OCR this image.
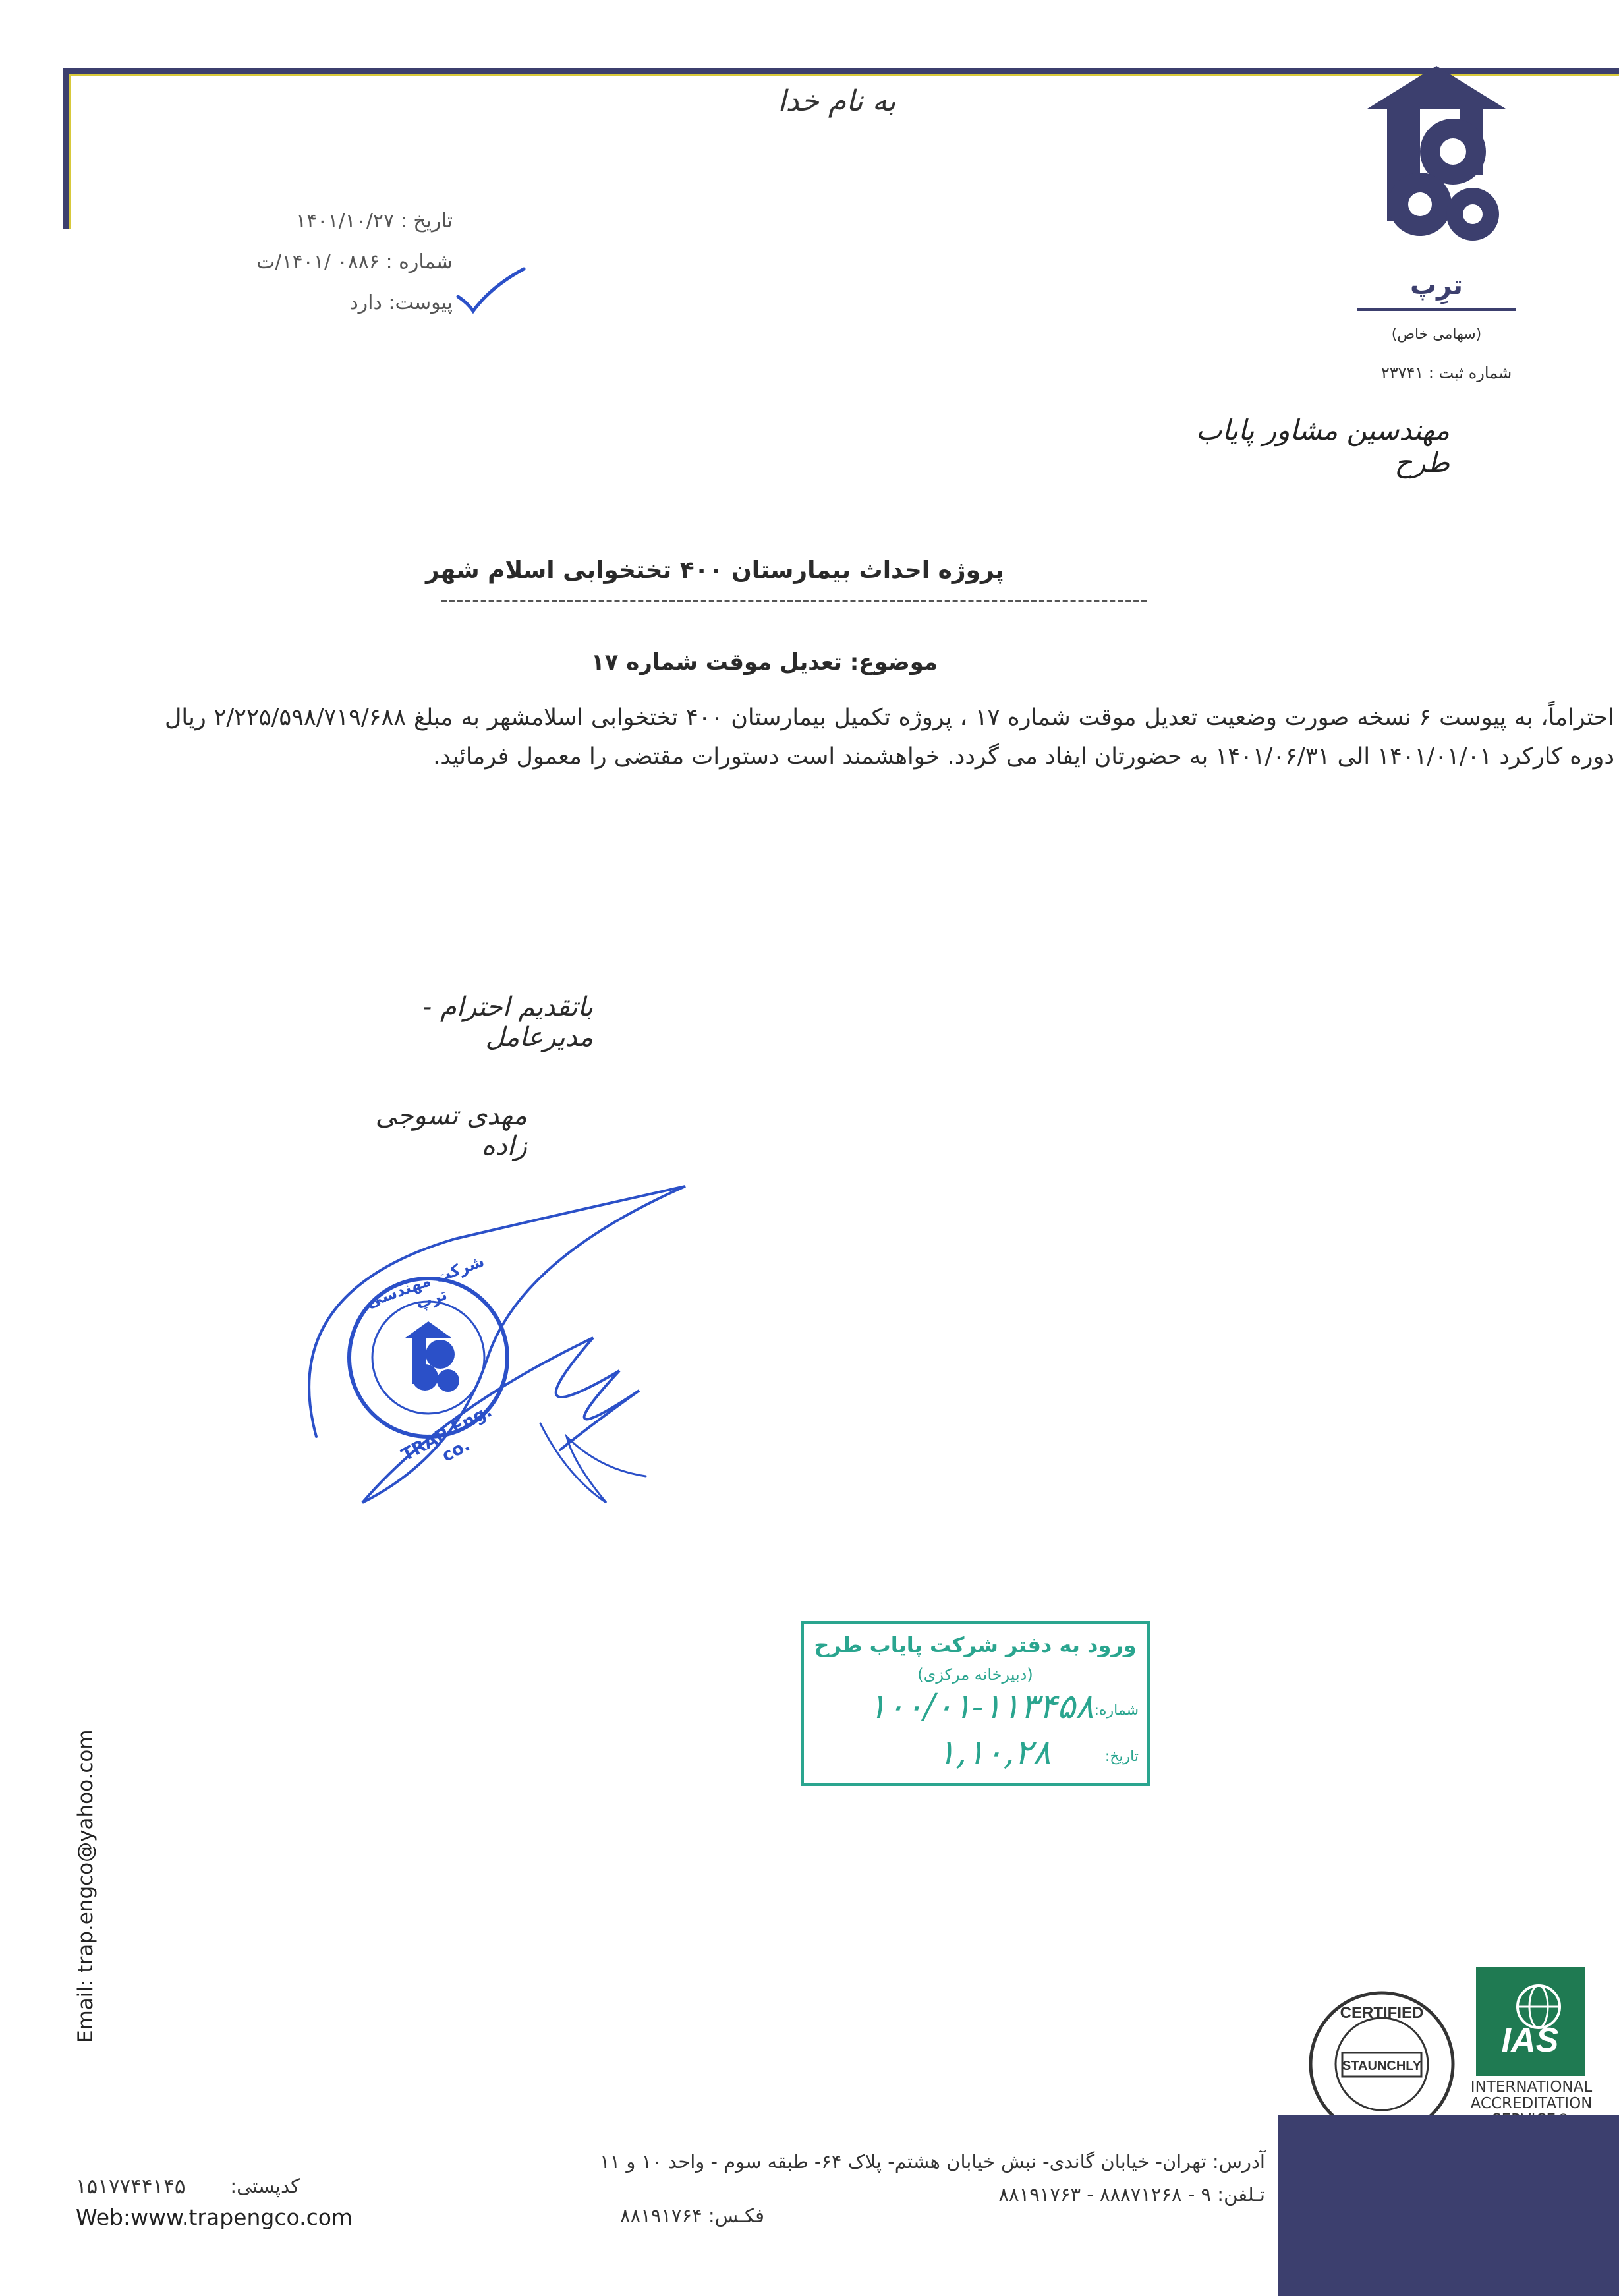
به نام خدا
تاریخ : ۱۴۰۱/۱۰/۲۷
شماره : ۰۸۸۶ /۱۴۰۱/ت
پیوست: دارد
ترِپ
(سهامی خاص)
شماره ثبت : ۲۳۷۴۱
مهندسین مشاور پایاب طرح
پروژه احداث بیمارستان ۴۰۰ تختخوابی اسلام شهر
موضوع: تعدیل موقت شماره ۱۷
احتراماً، به پیوست ۶ نسخه صورت وضعیت تعدیل موقت شماره ۱۷ ، پروژه تکمیل بیمارستان ۴۰۰ تختخوابی اسلامشهر به مبلغ ۲/۲۲۵/۵۹۸/۷۱۹/۶۸۸ ریال دوره کارکرد ۱۴۰۱/۰۱/۰۱ الی ۱۴۰۱/۰۶/۳۱ به حضورتان ایفاد می گردد. خواهشمند است دستورات مقتضی را معمول فرمائید.
باتقدیم احترام - مدیرعامل
مهدی تسوجی زاده
شرکت مهندسی ترپ
TRAP Eng. co.
ورود به دفتر شرکت پایاب طرح
(دبیرخانه مرکزی)
شماره:
۱۰۰/۰۱-۱۱۳۴۵۸
تاریخ:
۱,۱۰,۲۸
Email: trap.engco@yahoo.com	CERTIFIED
STAUNCHLY
IAS
INTERNATIONAL
ACCREDITATION
آدرس: تهران- خیابان گاندی- نبش خیابان هشتم- پلاک ۶۴- طبقه سوم - واحد ۱۰ و ۱۱
تـلفن: ۹ - ۸۸۸۷۱۲۶۸ - ۸۸۱۹۱۷۶۳
فکـس: ۸۸۱۹۱۷۶۴
کدپستی:
۱۵۱۷۷۴۴۱۴۵
Web:www.trapengco.com
